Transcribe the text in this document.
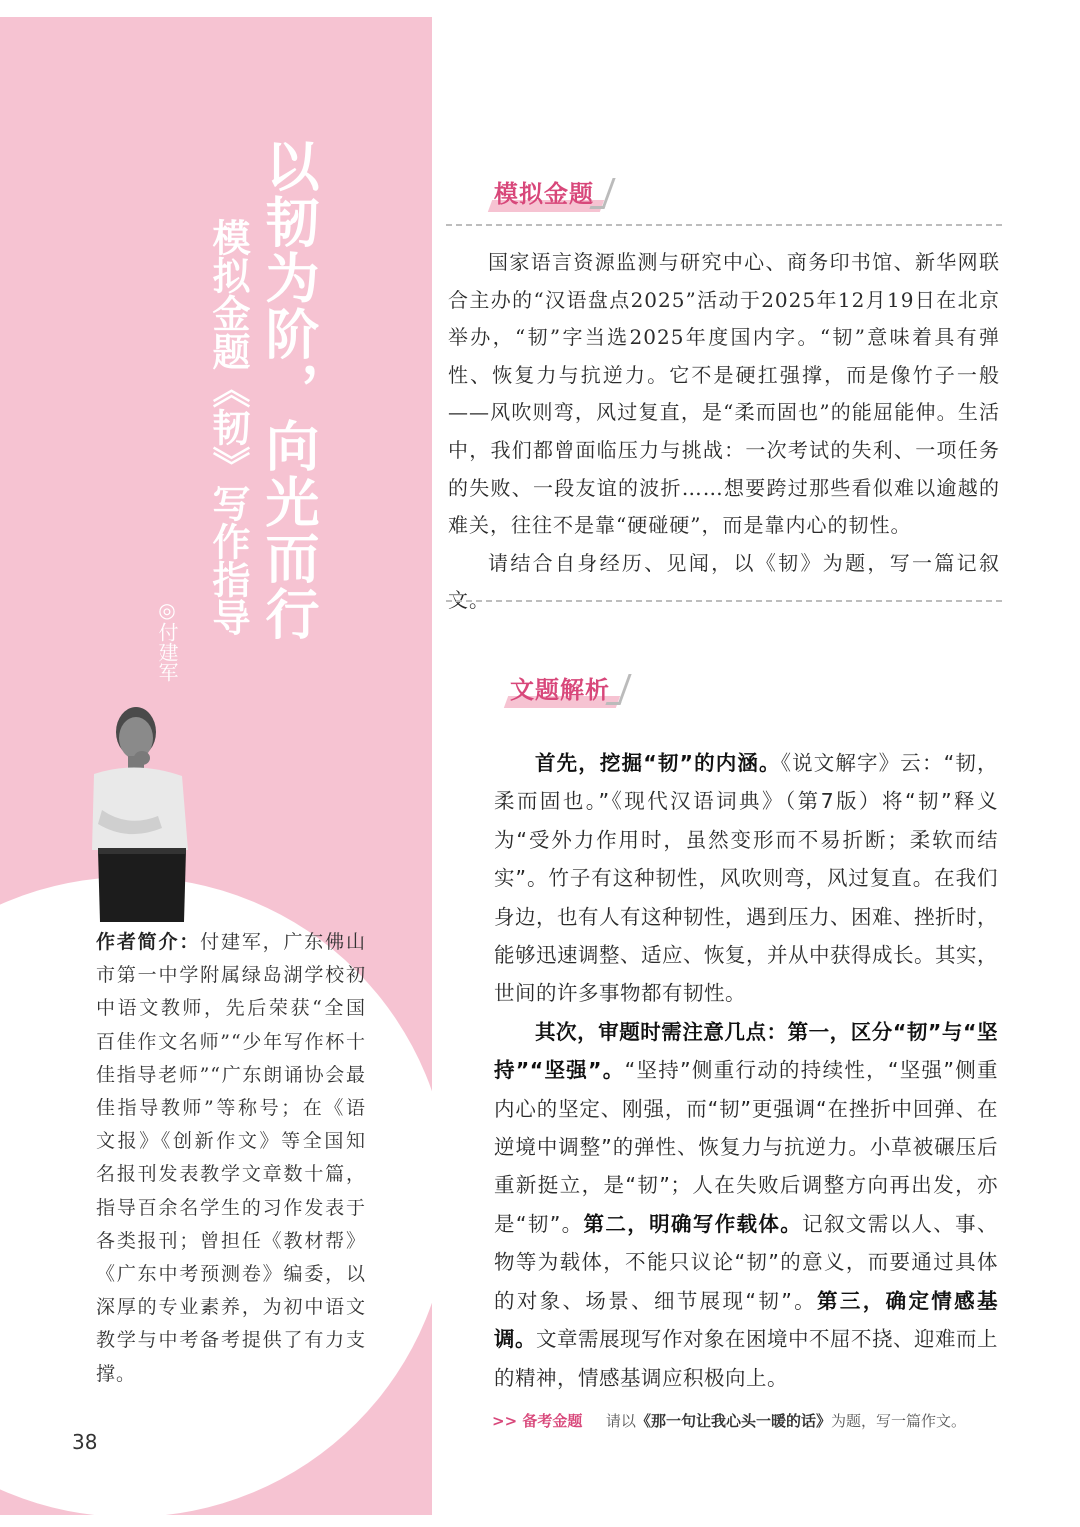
以韧为阶，向光而行
模拟金题《韧》写作指导
◎付建军
作者简介：付建军，广东佛山市第一中学附属绿岛湖学校初中语文教师，先后荣获“全国百佳作文名师”“少年写作杯十佳指导老师”“广东朗诵协会最佳指导教师”等称号；在《语文报》《创新作文》等全国知名报刊发表教学文章数十篇，指导百余名学生的习作发表于各类报刊；曾担任《教材帮》《广东中考预测卷》编委，以深厚的专业素养，为初中语文教学与中考备考提供了有力支撑。
38
模拟金题

国家语言资源监测与研究中心、商务印书馆、新华网联合主办的“汉语盘点2025”活动于2025年12月19日在北京举办，“韧”字当选2025年度国内字。“韧”意味着具有弹性、恢复力与抗逆力。它不是硬扛强撑，而是像竹子一般——风吹则弯，风过复直，是“柔而固也”的能屈能伸。生活中，我们都曾面临压力与挑战：一次考试的失利、一项任务的失败、一段友谊的波折……想要跨过那些看似难以逾越的难关，往往不是靠“硬碰硬”，而是靠内心的韧性。

请结合自身经历、见闻，以《韧》为题，写一篇记叙文。

文题解析

首先，挖掘“韧”的内涵。《说文解字》云：“韧，柔而固也。”《现代汉语词典》（第7版）将“韧”释义为“受外力作用时，虽然变形而不易折断；柔软而结实”。竹子有这种韧性，风吹则弯，风过复直。在我们身边，也有人有这种韧性，遇到压力、困难、挫折时，能够迅速调整、适应、恢复，并从中获得成长。其实，世间的许多事物都有韧性。

其次，审题时需注意几点：第一，区分“韧”与“坚持”“坚强”。“坚持”侧重行动的持续性，“坚强”侧重内心的坚定、刚强，而“韧”更强调“在挫折中回弹、在逆境中调整”的弹性、恢复力与抗逆力。小草被碾压后重新挺立，是“韧”；人在失败后调整方向再出发，亦是“韧”。第二，明确写作载体。记叙文需以人、事、物等为载体，不能只议论“韧”的意义，而要通过具体的对象、场景、细节展现“韧”。第三，确定情感基调。文章需展现写作对象在困境中不屈不挠、迎难而上的精神，情感基调应积极向上。

>> 备考金题 请以《那一句让我心头一暖的话》为题，写一篇作文。
